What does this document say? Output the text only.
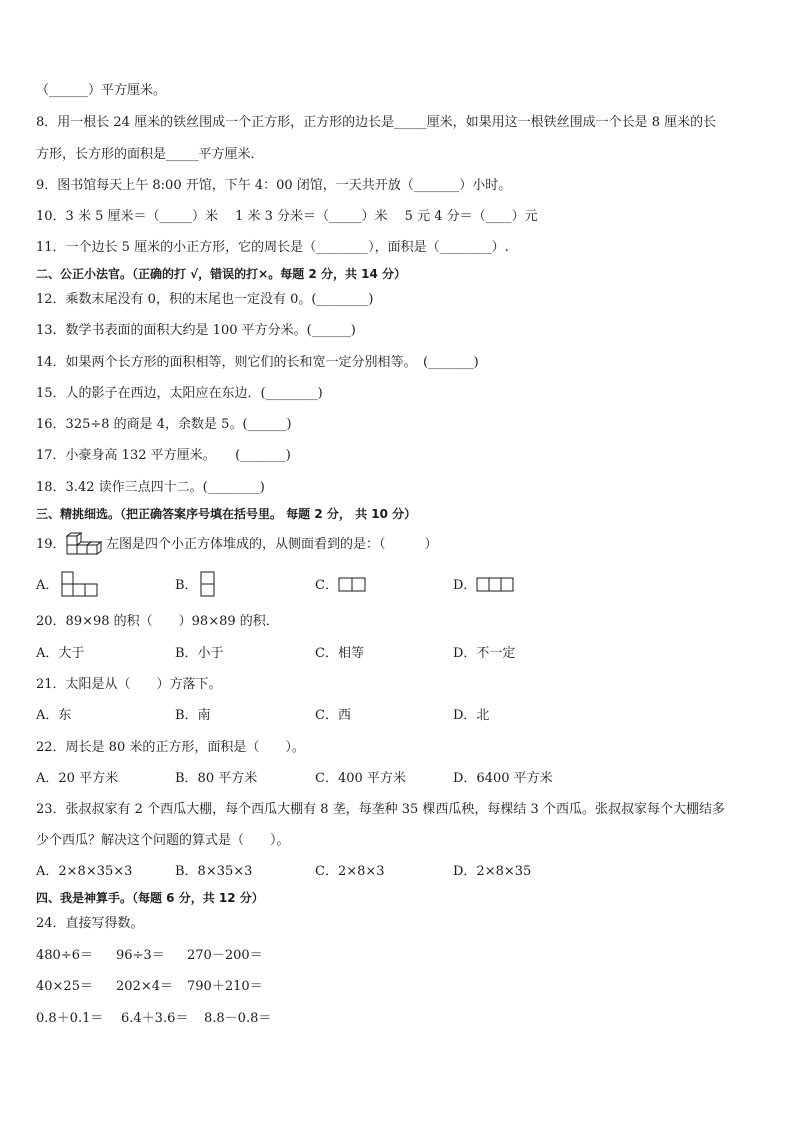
（______）平方厘米。
8．用一根长 24 厘米的铁丝围成一个正方形，正方形的边长是_____厘米，如果用这一根铁丝围成一个长是 8 厘米的长
方形，长方形的面积是_____平方厘米．
9．图书馆每天上午 8:00 开馆，下午 4：00 闭馆，一天共开放（_______）小时。
10．3 米 5 厘米＝（_____）米　 1 米 3 分米＝（_____）米　 5 元 4 分＝（____）元
11．一个边长 5 厘米的小正方形，它的周长是（________），面积是（________）.
二、公正小法官。（正确的打 √，错误的打×。每题 2 分，共 14 分）
12．乘数末尾没有 0，积的末尾也一定没有 0。(________)
13．数学书表面的面积大约是 100 平方分米。(______)
14．如果两个长方形的面积相等，则它们的长和宽一定分别相等。　(_______)
15．人的影子在西边，太阳应在东边．(________)
16．325÷8 的商是 4，余数是 5。(______)
17．小豪身高 132 平方厘米。　　(_______)
18．3.42 读作三点四十二。(________)
三、精挑细选。（把正确答案序号填在括号里。 每题 2 分， 共 10 分）
19．	左图是四个小正方体堆成的，从侧面看到的是：（　　　）
A．	B．	C．	D．
20．89×98 的积（　　）98×89 的积．
A．大于	B．小于	C．相等	D．不一定
21．太阳是从（　　）方落下。
A．东	B．南	C．西	D．北
22．周长是 80 米的正方形，面积是（　　）。
A．20 平方米	B．80 平方米	C．400 平方米	D．6400 平方米
23．张叔叔家有 2 个西瓜大棚，每个西瓜大棚有 8 垄，每垄种 35 棵西瓜秧，每棵结 3 个西瓜。张叔叔家每个大棚结多
少个西瓜？解决这个问题的算式是（　　）。
A．2×8×35×3	B．8×35×3	C．2×8×3	D．2×8×35
四、我是神算手。（每题 6 分，共 12 分）
24．直接写得数。
480÷6＝ 96÷3＝ 270－200＝
40×25＝ 202×4＝ 790＋210＝
0.8＋0.1＝ 6.4＋3.6＝ 8.8－0.8＝
